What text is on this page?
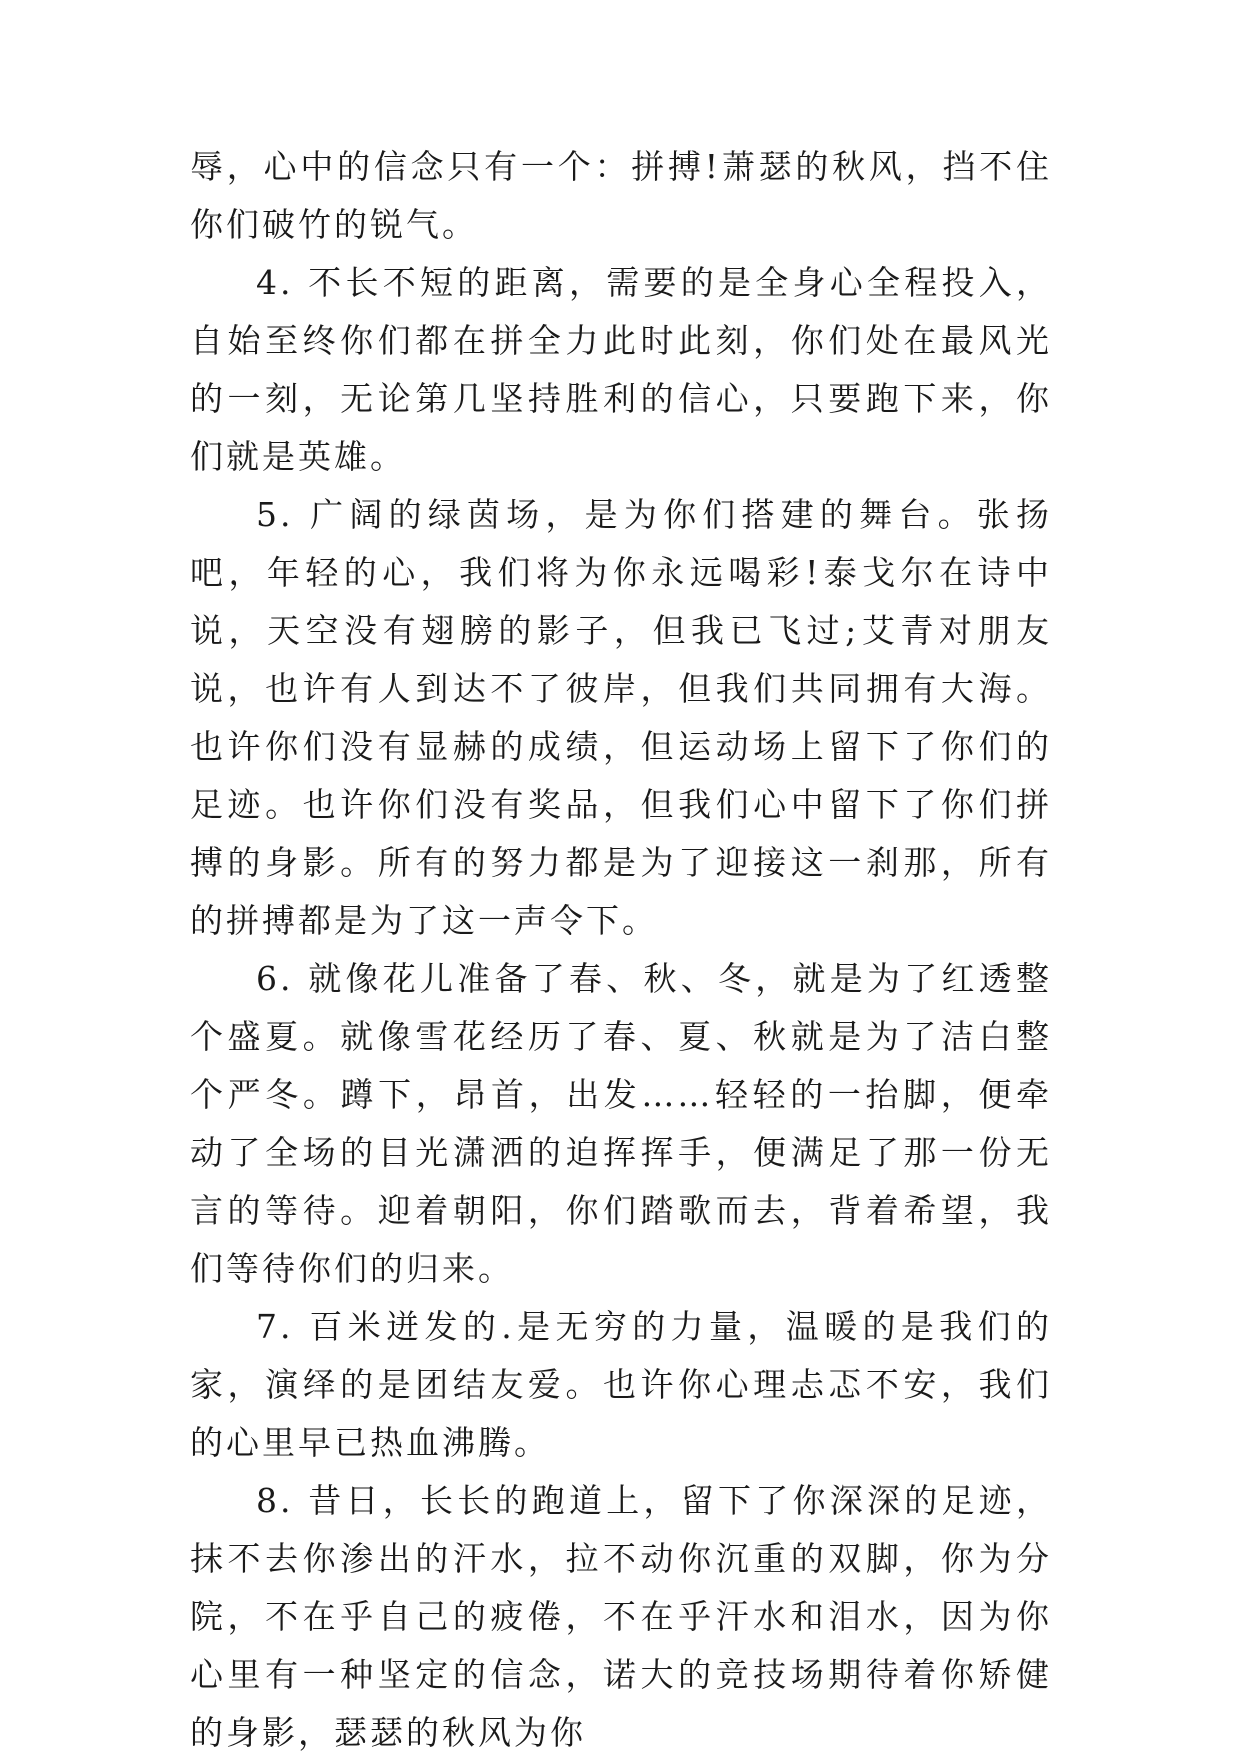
辱，心中的信念只有一个：拼搏!萧瑟的秋风，挡不住你们破竹的锐气。

4. 不长不短的距离，需要的是全身心全程投入，自始至终你们都在拼全力此时此刻，你们处在最风光的一刻，无论第几坚持胜利的信心，只要跑下来，你们就是英雄。

5. 广阔的绿茵场，是为你们搭建的舞台。张扬吧，年轻的心，我们将为你永远喝彩!泰戈尔在诗中说，天空没有翅膀的影子，但我已飞过;艾青对朋友说，也许有人到达不了彼岸，但我们共同拥有大海。也许你们没有显赫的成绩，但运动场上留下了你们的足迹。也许你们没有奖品，但我们心中留下了你们拼搏的身影。所有的努力都是为了迎接这一刹那，所有的拼搏都是为了这一声令下。

6. 就像花儿准备了春、秋、冬，就是为了红透整个盛夏。就像雪花经历了春、夏、秋就是为了洁白整个严冬。蹲下，昂首，出发……轻轻的一抬脚，便牵动了全场的目光潇洒的迫挥挥手，便满足了那一份无言的等待。迎着朝阳，你们踏歌而去，背着希望，我们等待你们的归来。

7. 百米迸发的.是无穷的力量，温暖的是我们的家，演绎的是团结友爱。也许你心理忐忑不安，我们的心里早已热血沸腾。

8. 昔日，长长的跑道上，留下了你深深的足迹，抹不去你渗出的汗水，拉不动你沉重的双脚，你为分院，不在乎自己的疲倦，不在乎汗水和泪水，因为你心里有一种坚定的信念，诺大的竞技场期待着你矫健的身影，瑟瑟的秋风为你
